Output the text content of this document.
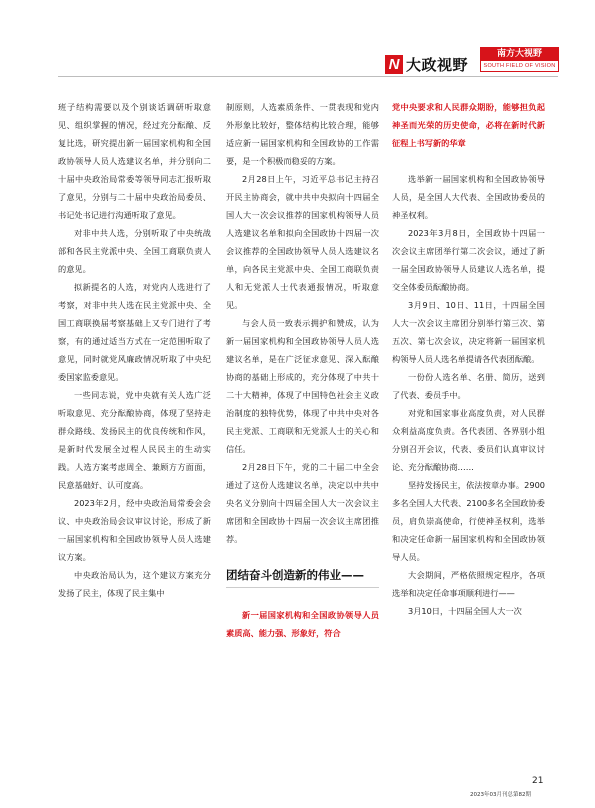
N 大政视野
南方大视野
SOUTH FIELD OF VISION

班子结构需要以及个别谈话调研听取意见、组织掌握的情况，经过充分酝酿、反复比选，研究提出新一届国家机构和全国政协领导人员人选建议名单，并分别向二十届中央政治局常委等领导同志汇报听取了意见，分别与二十届中央政治局委员、书记处书记进行沟通听取了意见。

对非中共人选，分别听取了中央统战部和各民主党派中央、全国工商联负责人的意见。

拟新提名的人选，对党内人选进行了考察，对非中共人选在民主党派中央、全国工商联换届考察基础上又专门进行了考察，有的通过适当方式在一定范围听取了意见，同时就党风廉政情况听取了中央纪委国家监委意见。

一些同志说，党中央就有关人选广泛听取意见、充分酝酿协商，体现了坚持走群众路线、发扬民主的优良传统和作风，是新时代发展全过程人民民主的生动实践。人选方案考虑周全、兼顾方方面面，民意基础好、认可度高。

2023年2月，经中央政治局常委会会议、中央政治局会议审议讨论，形成了新一届国家机构和全国政协领导人员人选建议方案。

中央政治局认为，这个建议方案充分发扬了民主，体现了民主集中

制原则，人选素质条件、一贯表现和党内外形象比较好，整体结构比较合理，能够适应新一届国家机构和全国政协的工作需要，是一个积极而稳妥的方案。

2月28日上午，习近平总书记主持召开民主协商会，就中共中央拟向十四届全国人大一次会议推荐的国家机构领导人员人选建议名单和拟向全国政协十四届一次会议推荐的全国政协领导人员人选建议名单，向各民主党派中央、全国工商联负责人和无党派人士代表通报情况，听取意见。

与会人员一致表示拥护和赞成，认为新一届国家机构和全国政协领导人员人选建议名单，是在广泛征求意见、深入酝酿协商的基础上形成的，充分体现了中共十二十大精神，体现了中国特色社会主义政治制度的独特优势，体现了中共中央对各民主党派、工商联和无党派人士的关心和信任。

2月28日下午，党的二十届二中全会通过了这份人选建议名单，决定以中共中央名义分别向十四届全国人大一次会议主席团和全国政协十四届一次会议主席团推荐。

团结奋斗创造新的伟业——

新一届国家机构和全国政协领导人员素质高、能力强、形象好，符合

党中央要求和人民群众期盼，能够担负起神圣而光荣的历史使命，必将在新时代新征程上书写新的华章

选举新一届国家机构和全国政协领导人员，是全国人大代表、全国政协委员的神圣权利。

2023年3月8日，全国政协十四届一次会议主席团举行第二次会议，通过了新一届全国政协领导人员建议人选名单，提交全体委员酝酿协商。

3月9日、10日、11日，十四届全国人大一次会议主席团分别举行第三次、第五次、第七次会议，决定将新一届国家机构领导人员人选名单提请各代表团酝酿。

一份份人选名单、名册、简历，送到了代表、委员手中。

对党和国家事业高度负责，对人民群众利益高度负责。各代表团、各界别小组分别召开会议，代表、委员们认真审议讨论、充分酝酿协商……

坚持发扬民主，依法按章办事。2900多名全国人大代表、2100多名全国政协委员，肩负崇高使命，行使神圣权利，选举和决定任命新一届国家机构和全国政协领导人员。

大会期间，严格依照规定程序，各项选举和决定任命事项顺利进行——

3月10日，十四届全国人大一次

21
2023年03月刊总第82期
